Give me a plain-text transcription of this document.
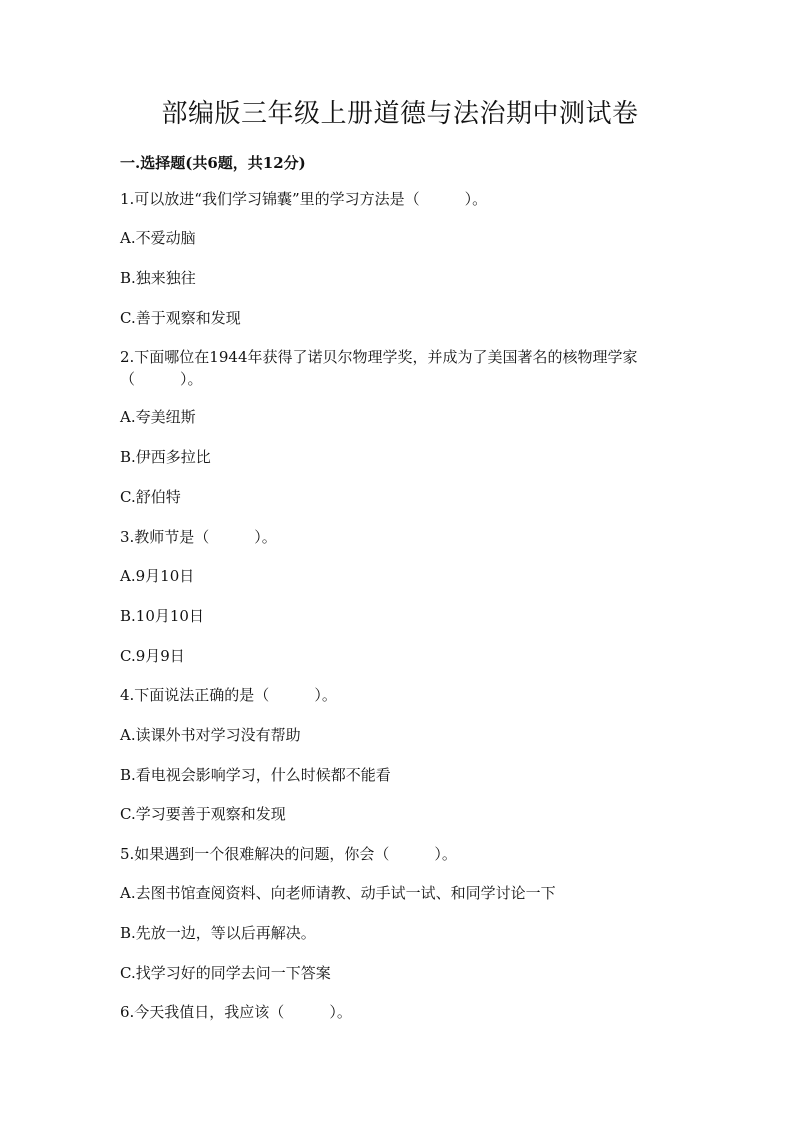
部编版三年级上册道德与法治期中测试卷
一.选择题(共6题，共12分)
1.可以放进“我们学习锦囊”里的学习方法是（　　　）。
A.不爱动脑
B.独来独往
C.善于观察和发现
2.下面哪位在1944年获得了诺贝尔物理学奖，并成为了美国著名的核物理学家
（　　　）。
A.夸美纽斯
B.伊西多拉比
C.舒伯特
3.教师节是（　　　）。
A.9月10日
B.10月10日
C.9月9日
4.下面说法正确的是（　　　）。
A.读课外书对学习没有帮助
B.看电视会影响学习，什么时候都不能看
C.学习要善于观察和发现
5.如果遇到一个很难解决的问题，你会（　　　）。
A.去图书馆查阅资料、向老师请教、动手试一试、和同学讨论一下
B.先放一边，等以后再解决。
C.找学习好的同学去问一下答案
6.今天我值日，我应该（　　　）。
